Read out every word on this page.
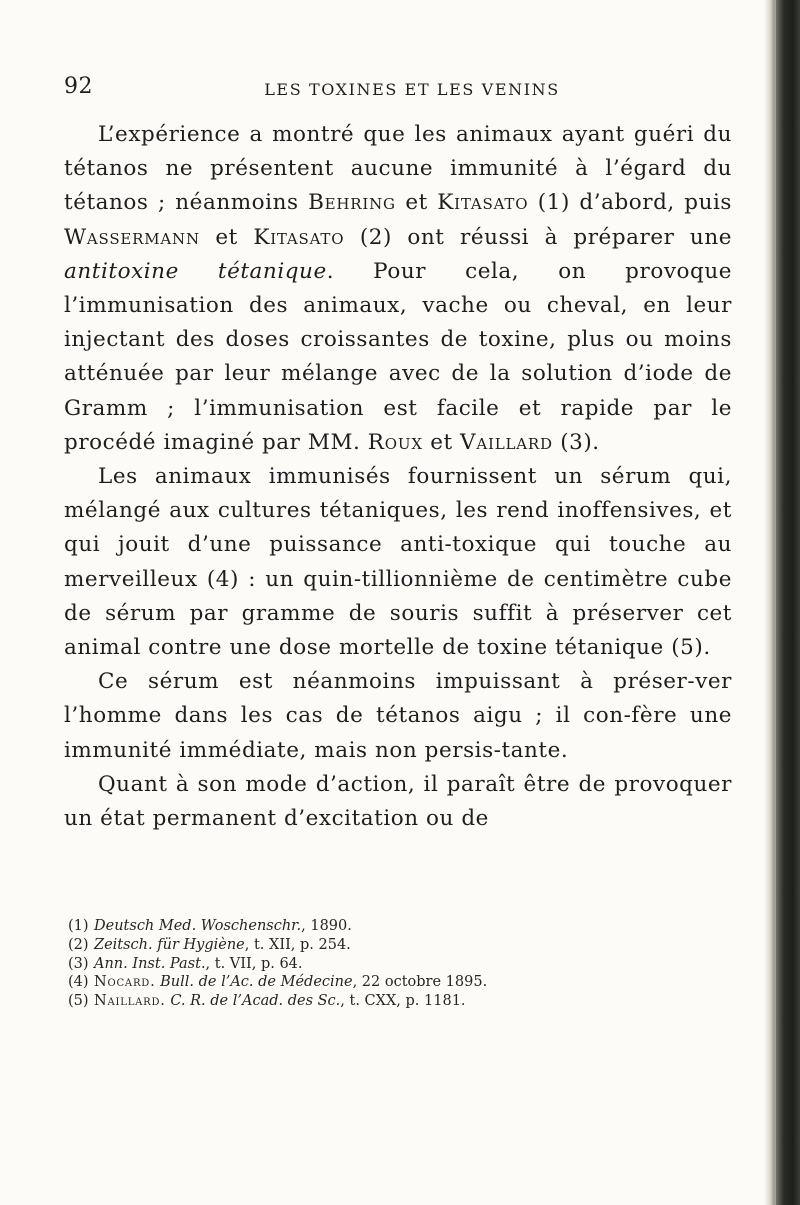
92	LES TOXINES ET LES VENINS

L’expérience a montré que les animaux ayant guéri du tétanos ne présentent aucune immunité à l’égard du tétanos ; néanmoins Behring et Kitasato (1) d’abord, puis Wassermann et Kitasato (2) ont réussi à préparer une antitoxine tétanique. Pour cela, on provoque l’immunisation des animaux, vache ou cheval, en leur injectant des doses croissantes de toxine, plus ou moins atténuée par leur mélange avec de la solution d’iode de Gramm ; l’immunisation est facile et rapide par le procédé imaginé par MM. Roux et Vaillard (3).

Les animaux immunisés fournissent un sérum qui, mélangé aux cultures tétaniques, les rend inoffensives, et qui jouit d’une puissance anti-toxique qui touche au merveilleux (4) : un quin-tillionnième de centimètre cube de sérum par gramme de souris suffit à préserver cet animal contre une dose mortelle de toxine tétanique (5).

Ce sérum est néanmoins impuissant à préser-ver l’homme dans les cas de tétanos aigu ; il con-fère une immunité immédiate, mais non persis-tante.

Quant à son mode d’action, il paraît être de provoquer un état permanent d’excitation ou de

(1) Deutsch Med. Woschenschr., 1890.
(2) Zeitsch. für Hygiène, t. XII, p. 254.
(3) Ann. Inst. Past., t. VII, p. 64.
(4) Nocard. Bull. de l’Ac. de Médecine, 22 octobre 1895.
(5) Naillard. C. R. de l’Acad. des Sc., t. CXX, p. 1181.
